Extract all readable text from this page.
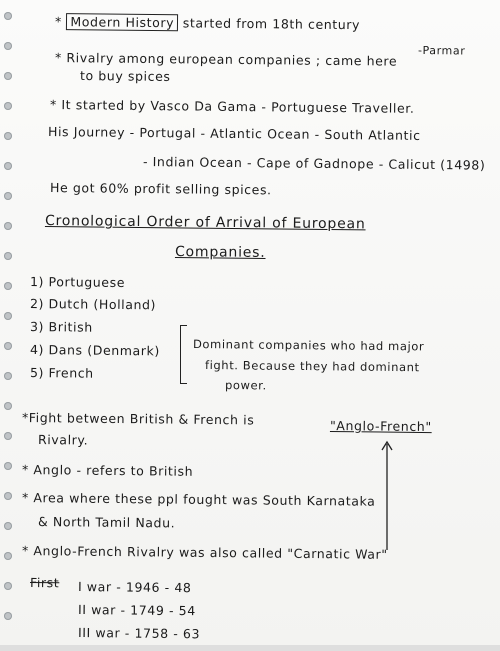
* Modern History started from 18th century
-Parmar
* Rivalry among european companies ; came here
to buy spices
* It started by Vasco Da Gama - Portuguese Traveller.
His Journey - Portugal - Atlantic Ocean - South Atlantic
- Indian Ocean - Cape of Gadnope - Calicut (1498)
He got 60% profit selling spices.
Cronological Order of Arrival of European
Companies.
1) Portuguese
2) Dutch (Holland)
3) British
4) Dans (Denmark)
5) French
Dominant companies who had major
fight. Because they had dominant
power.
*Fight between British & French is	"Anglo-French"
Rivalry.
* Anglo - refers to British
* Area where these ppl fought was South Karnataka
& North Tamil Nadu.
* Anglo-French Rivalry was also called "Carnatic War"
First I war - 1946 - 48
II war - 1749 - 54
III war - 1758 - 63
